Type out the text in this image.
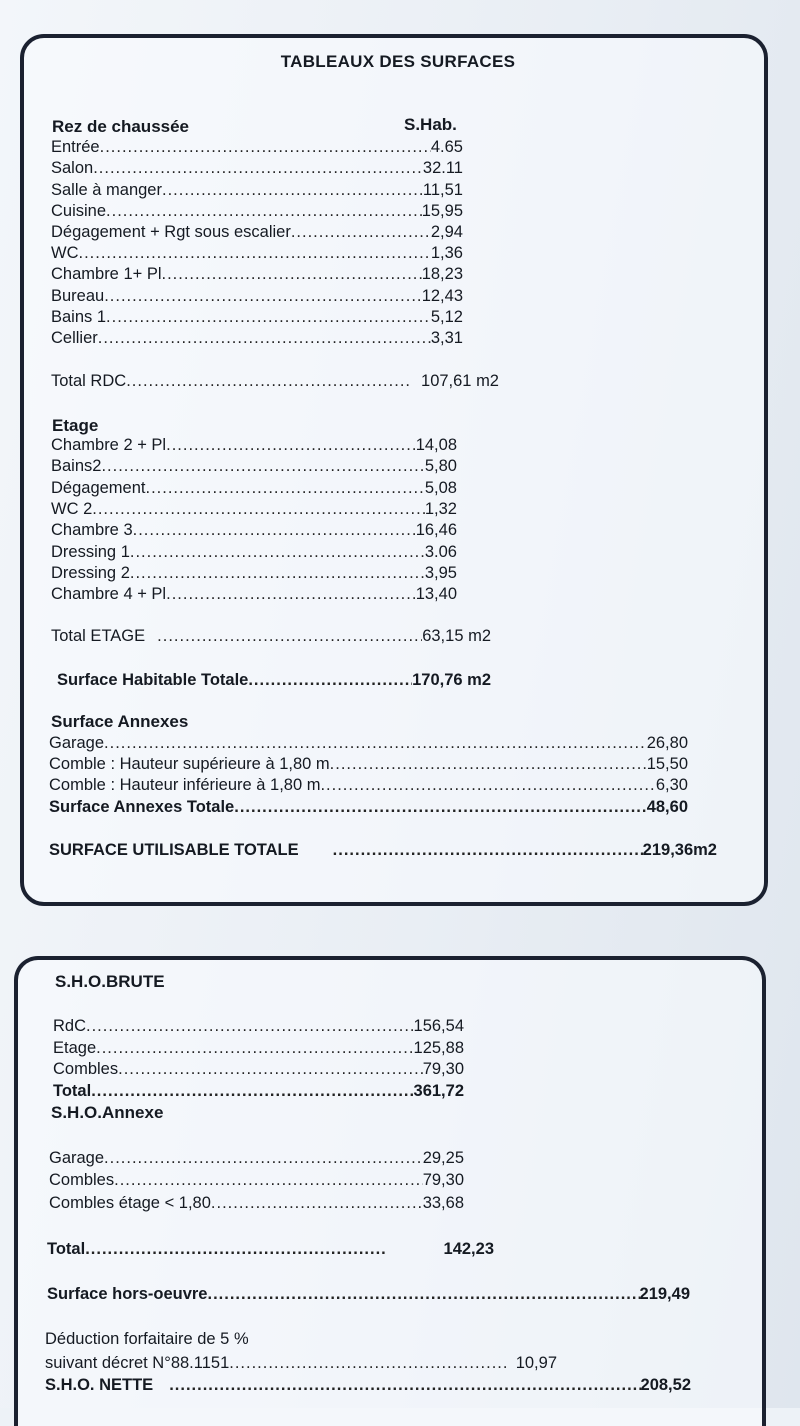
TABLEAUX DES SURFACES
Rez de chaussée	S.Hab.
Entrée .....	4.65
Salon .....	32.11
Salle à manger .....	11,51
Cuisine .....	15,95
Dégagement + Rgt sous escalier .....	2,94
WC .....	1,36
Chambre 1+ Pl .....	18,23
Bureau .....	12,43
Bains 1 .....	5,12
Cellier .....	3,31
Total RDC .....	107,61 m2
Etage
Chambre 2 + Pl .....	14,08
Bains2 .....	5,80
Dégagement .....	5,08
WC 2 .....	1,32
Chambre 3 .....	16,46
Dressing 1 .....	3.06
Dressing 2 .....	3,95
Chambre 4 + Pl .....	13,40
Total ETAGE .....	63,15 m2
Surface Habitable Totale .....	170,76 m2
Surface Annexes
Garage .....	26,80
Comble : Hauteur supérieure à 1,80 m .....	15,50
Comble : Hauteur inférieure à 1,80 m .....	6,30
Surface Annexes Totale .....	48,60
SURFACE UTILISABLE TOTALE .....	219,36m2
S.H.O.BRUTE
RdC .....	156,54
Etage .....	125,88
Combles .....	79,30
Total .....	361,72
S.H.O.Annexe
Garage .....	29,25
Combles .....	79,30
Combles étage < 1,80 .....	33,68
Total .....	142,23
Surface hors-oeuvre .....	219,49
Déduction forfaitaire de 5 %
suivant décret N°88.1151 .....	10,97
S.H.O. NETTE .....	208,52
